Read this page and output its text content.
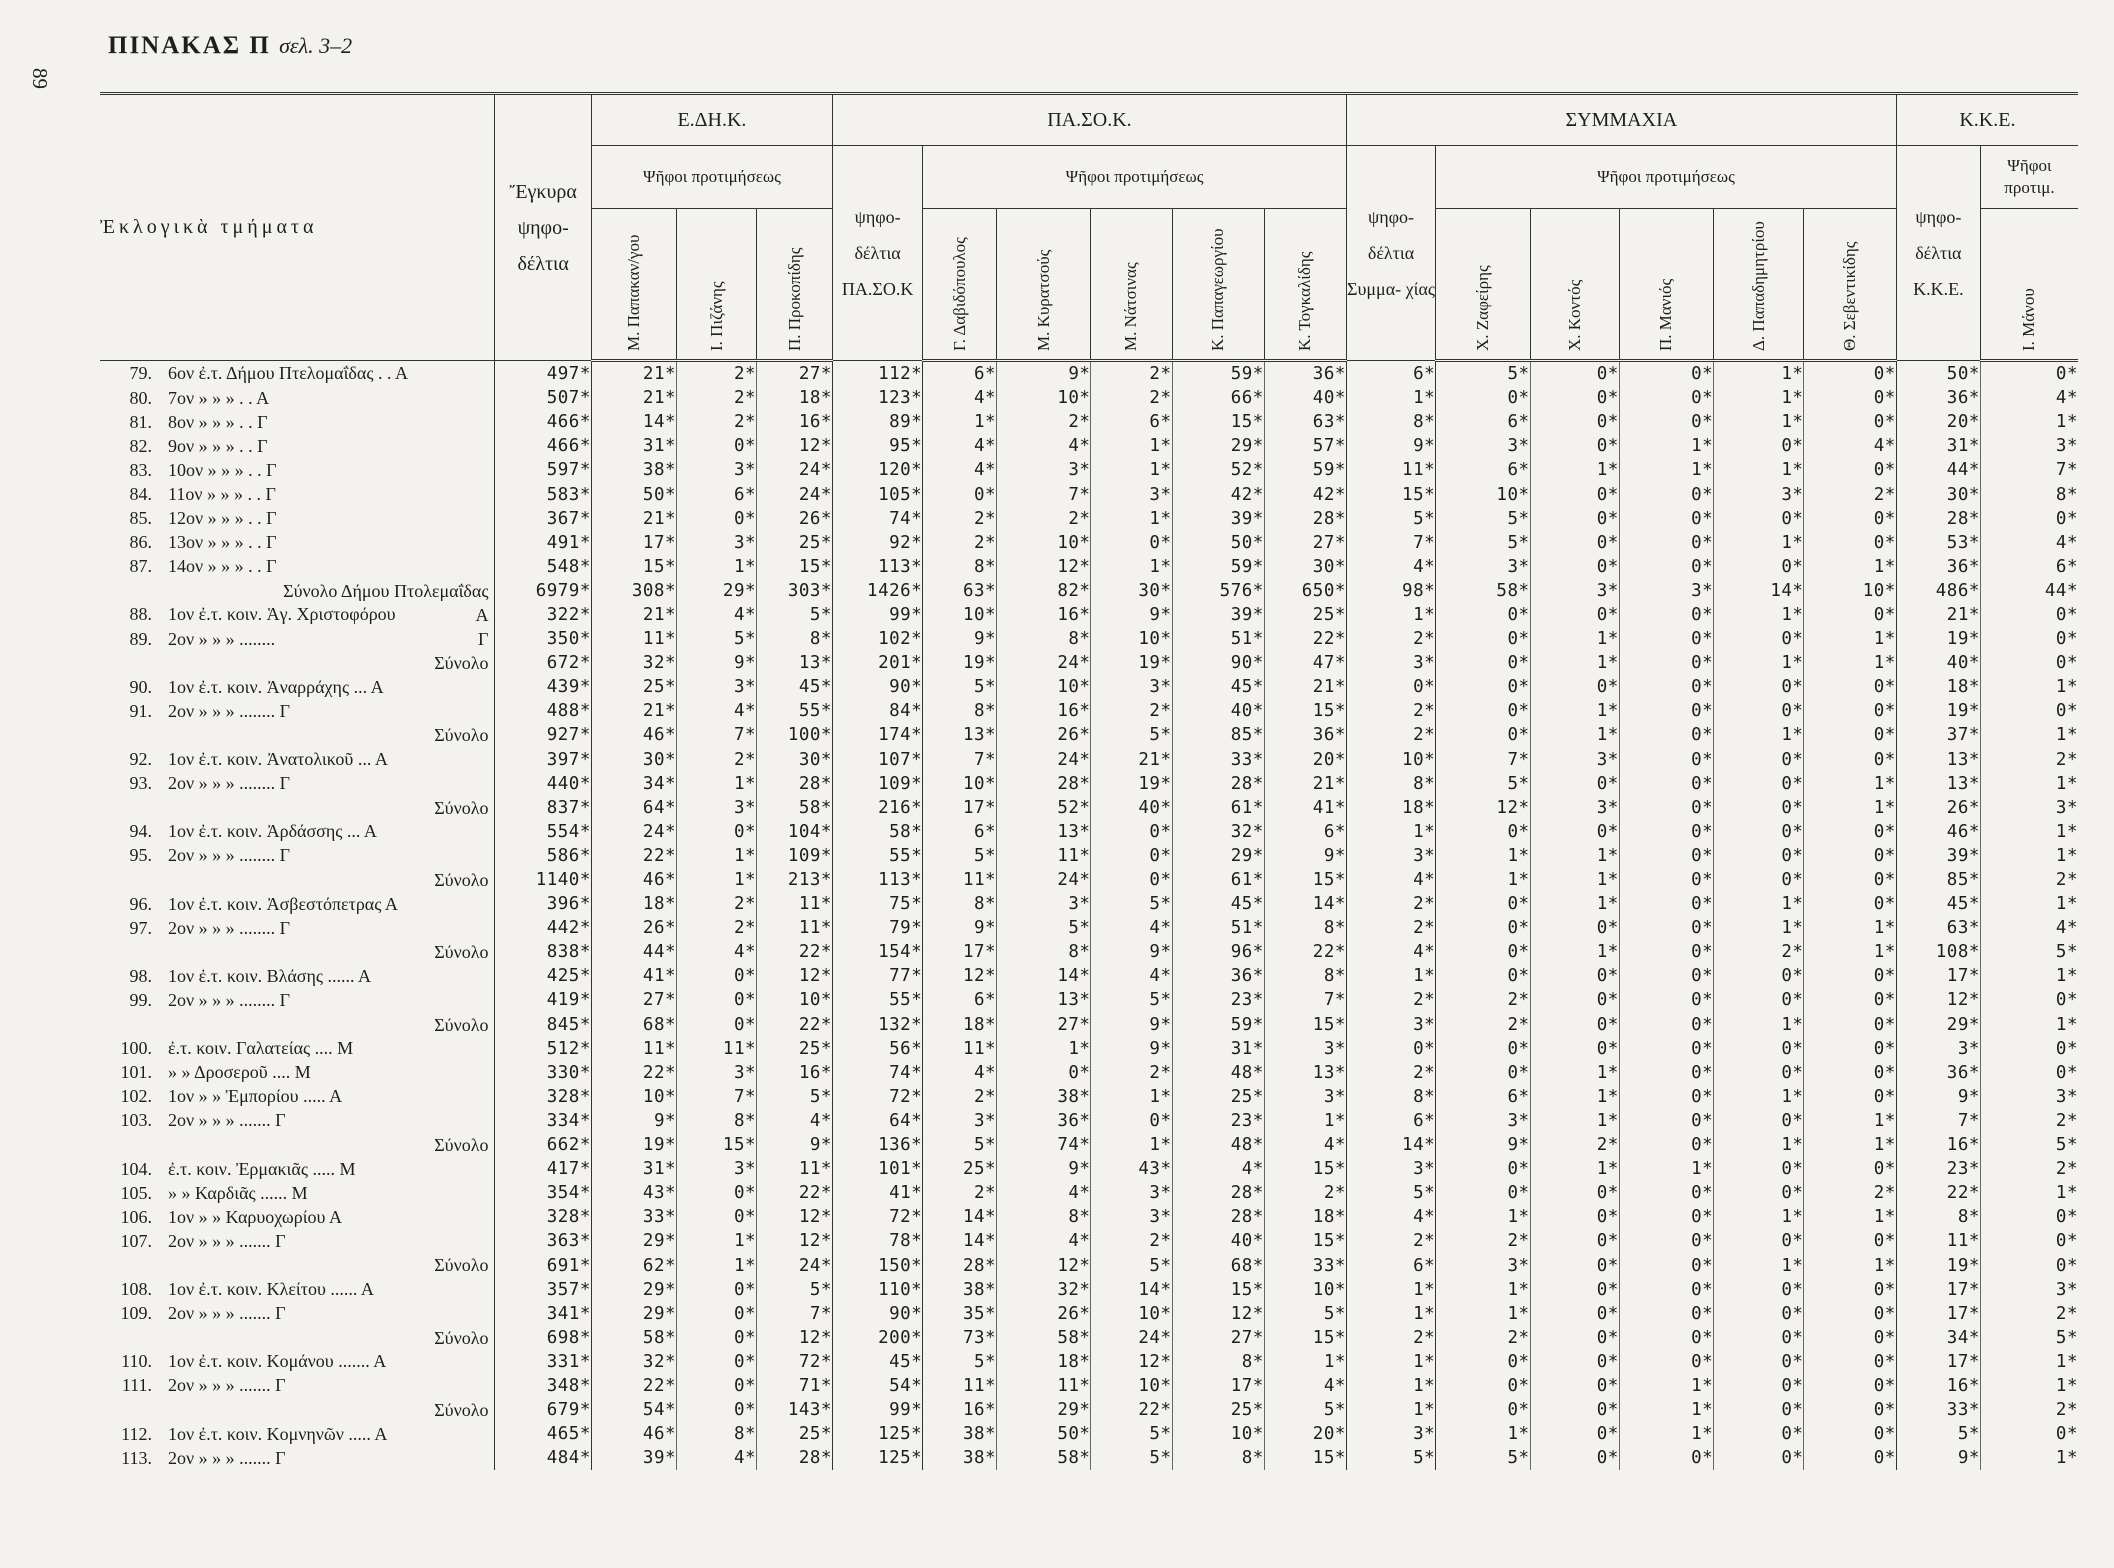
89
ΠΙΝΑΚΑΣ Π σελ. 3–2
Ἐκλογικὰ τμήματα	Ἔγκυρα ψηφο- δέλτια	Ε.ΔΗ.Κ.			ΠΑ.ΣΟ.Κ.						ΣΥΜΜΑΧΙΑ						Κ.Κ.Ε.	
		Ψῆφοι προτιμήσεως			ψηφο- δέλτια ΠΑ.ΣΟ.Κ	Ψῆφοι προτιμήσεως					ψηφο- δέλτια Συμμα- χίας	Ψῆφοι προτιμήσεως					ψηφο- δέλτια Κ.Κ.Ε.	Ψῆφοι προτιμ.

		Μ. Παπακαν/γου	Ι. Πιζάνης	Π. Προκοπίδης		Γ. Δαβιδόπουλος	Μ. Κυρατσούς	Μ. Νάτσινας	Κ. Παπαγεωργίου	Κ. Τογκαλίδης		Χ. Ζαφείρης	Χ. Κοντός	Π. Μανιός	Δ. Παπαδημητρίου	Θ. Σεβεντικίδης		Ι. Μάνου

79. 6ον ἐ.τ. Δήμου Πτελομαΐδας . . Α	497*	21*	2*	27*	112*	6*	9*	2*	59*	36*	6*	5*	0*	0*	1*	0*	50*	0*
80. 7ον » » » . . Α	507*	21*	2*	18*	123*	4*	10*	2*	66*	40*	1*	0*	0*	0*	1*	0*	36*	4*
81. 8ον » » » . . Γ	466*	14*	2*	16*	89*	1*	2*	6*	15*	63*	8*	6*	0*	0*	1*	0*	20*	1*
82. 9ον » » » . . Γ	466*	31*	0*	12*	95*	4*	4*	1*	29*	57*	9*	3*	0*	1*	0*	4*	31*	3*
83. 10ον » » » . . Γ	597*	38*	3*	24*	120*	4*	3*	1*	52*	59*	11*	6*	1*	1*	1*	0*	44*	7*
84. 11ον » » » . . Γ	583*	50*	6*	24*	105*	0*	7*	3*	42*	42*	15*	10*	0*	0*	3*	2*	30*	8*
85. 12ον » » » . . Γ	367*	21*	0*	26*	74*	2*	2*	1*	39*	28*	5*	5*	0*	0*	0*	0*	28*	0*
86. 13ον » » » . . Γ	491*	17*	3*	25*	92*	2*	10*	0*	50*	27*	7*	5*	0*	0*	1*	0*	53*	4*
87. 14ον » » » . . Γ	548*	15*	1*	15*	113*	8*	12*	1*	59*	30*	4*	3*	0*	0*	0*	1*	36*	6*

Σύνολο Δήμου Πτολεμαΐδας	6979*	308*	29*	303*	1426*	63*	82*	30*	576*	650*	98*	58*	3*	3*	14*	10*	486*	44*
88. 1ον ἐ.τ. κοιν. Ἁγ. Χριστοφόρου Α	322*	21*	4*	5*	99*	10*	16*	9*	39*	25*	1*	0*	0*	0*	1*	0*	21*	0*
89. 2ον » » » ........ Γ	350*	11*	5*	8*	102*	9*	8*	10*	51*	22*	2*	0*	1*	0*	0*	1*	19*	0*

Σύνολο	672*	32*	9*	13*	201*	19*	24*	19*	90*	47*	3*	0*	1*	0*	1*	1*	40*	0*
90. 1ον ἐ.τ. κοιν. Ἀναρράχης ... Α	439*	25*	3*	45*	90*	5*	10*	3*	45*	21*	0*	0*	0*	0*	0*	0*	18*	1*
91. 2ον » » » ........ Γ	488*	21*	4*	55*	84*	8*	16*	2*	40*	15*	2*	0*	1*	0*	0*	0*	19*	0*

Σύνολο	927*	46*	7*	100*	174*	13*	26*	5*	85*	36*	2*	0*	1*	0*	1*	0*	37*	1*
92. 1ον ἐ.τ. κοιν. Ἀνατολικοῦ ... Α	397*	30*	2*	30*	107*	7*	24*	21*	33*	20*	10*	7*	3*	0*	0*	0*	13*	2*
93. 2ον » » » ........ Γ	440*	34*	1*	28*	109*	10*	28*	19*	28*	21*	8*	5*	0*	0*	0*	1*	13*	1*

Σύνολο	837*	64*	3*	58*	216*	17*	52*	40*	61*	41*	18*	12*	3*	0*	0*	1*	26*	3*
94. 1ον ἐ.τ. κοιν. Ἀρδάσσης ... Α	554*	24*	0*	104*	58*	6*	13*	0*	32*	6*	1*	0*	0*	0*	0*	0*	46*	1*
95. 2ον » » » ........ Γ	586*	22*	1*	109*	55*	5*	11*	0*	29*	9*	3*	1*	1*	0*	0*	0*	39*	1*

Σύνολο	1140*	46*	1*	213*	113*	11*	24*	0*	61*	15*	4*	1*	1*	0*	0*	0*	85*	2*
96. 1ον ἐ.τ. κοιν. Ἀσβεστόπετρας Α	396*	18*	2*	11*	75*	8*	3*	5*	45*	14*	2*	0*	1*	0*	1*	0*	45*	1*
97. 2ον » » » ........ Γ	442*	26*	2*	11*	79*	9*	5*	4*	51*	8*	2*	0*	0*	0*	1*	1*	63*	4*

Σύνολο	838*	44*	4*	22*	154*	17*	8*	9*	96*	22*	4*	0*	1*	0*	2*	1*	108*	5*
98. 1ον ἐ.τ. κοιν. Βλάσης ...... Α	425*	41*	0*	12*	77*	12*	14*	4*	36*	8*	1*	0*	0*	0*	0*	0*	17*	1*
99. 2ον » » » ........ Γ	419*	27*	0*	10*	55*	6*	13*	5*	23*	7*	2*	2*	0*	0*	0*	0*	12*	0*

Σύνολο	845*	68*	0*	22*	132*	18*	27*	9*	59*	15*	3*	2*	0*	0*	1*	0*	29*	1*
100. ἐ.τ. κοιν. Γαλατείας .... Μ	512*	11*	11*	25*	56*	11*	1*	9*	31*	3*	0*	0*	0*	0*	0*	0*	3*	0*
101. » » Δροσεροῦ .... Μ	330*	22*	3*	16*	74*	4*	0*	2*	48*	13*	2*	0*	1*	0*	0*	0*	36*	0*
102. 1ον » » Ἐμπορίου ..... Α	328*	10*	7*	5*	72*	2*	38*	1*	25*	3*	8*	6*	1*	0*	1*	0*	9*	3*
103. 2ον » » » ....... Γ	334*	9*	8*	4*	64*	3*	36*	0*	23*	1*	6*	3*	1*	0*	0*	1*	7*	2*

Σύνολο	662*	19*	15*	9*	136*	5*	74*	1*	48*	4*	14*	9*	2*	0*	1*	1*	16*	5*
104. ἐ.τ. κοιν. Ἐρμακιᾶς ..... Μ	417*	31*	3*	11*	101*	25*	9*	43*	4*	15*	3*	0*	1*	1*	0*	0*	23*	2*
105. » » Καρδιᾶς ...... Μ	354*	43*	0*	22*	41*	2*	4*	3*	28*	2*	5*	0*	0*	0*	0*	2*	22*	1*
106. 1ον » » Καρυοχωρίου Α	328*	33*	0*	12*	72*	14*	8*	3*	28*	18*	4*	1*	0*	0*	1*	1*	8*	0*
107. 2ον » » » ....... Γ	363*	29*	1*	12*	78*	14*	4*	2*	40*	15*	2*	2*	0*	0*	0*	0*	11*	0*

Σύνολο	691*	62*	1*	24*	150*	28*	12*	5*	68*	33*	6*	3*	0*	0*	1*	1*	19*	0*
108. 1ον ἐ.τ. κοιν. Κλείτου ...... Α	357*	29*	0*	5*	110*	38*	32*	14*	15*	10*	1*	1*	0*	0*	0*	0*	17*	3*
109. 2ον » » » ....... Γ	341*	29*	0*	7*	90*	35*	26*	10*	12*	5*	1*	1*	0*	0*	0*	0*	17*	2*

Σύνολο	698*	58*	0*	12*	200*	73*	58*	24*	27*	15*	2*	2*	0*	0*	0*	0*	34*	5*
110. 1ον ἐ.τ. κοιν. Κομάνου ....... Α	331*	32*	0*	72*	45*	5*	18*	12*	8*	1*	1*	0*	0*	0*	0*	0*	17*	1*
111. 2ον » » » ....... Γ	348*	22*	0*	71*	54*	11*	11*	10*	17*	4*	1*	0*	0*	1*	0*	0*	16*	1*

Σύνολο	679*	54*	0*	143*	99*	16*	29*	22*	25*	5*	1*	0*	0*	1*	0*	0*	33*	2*
112. 1ον ἐ.τ. κοιν. Κομνηνῶν ..... Α	465*	46*	8*	25*	125*	38*	50*	5*	10*	20*	3*	1*	0*	1*	0*	0*	5*	0*
113. 2ον » » » ....... Γ	484*	39*	4*	28*	125*	38*	58*	5*	8*	15*	5*	5*	0*	0*	0*	0*	9*	1*
